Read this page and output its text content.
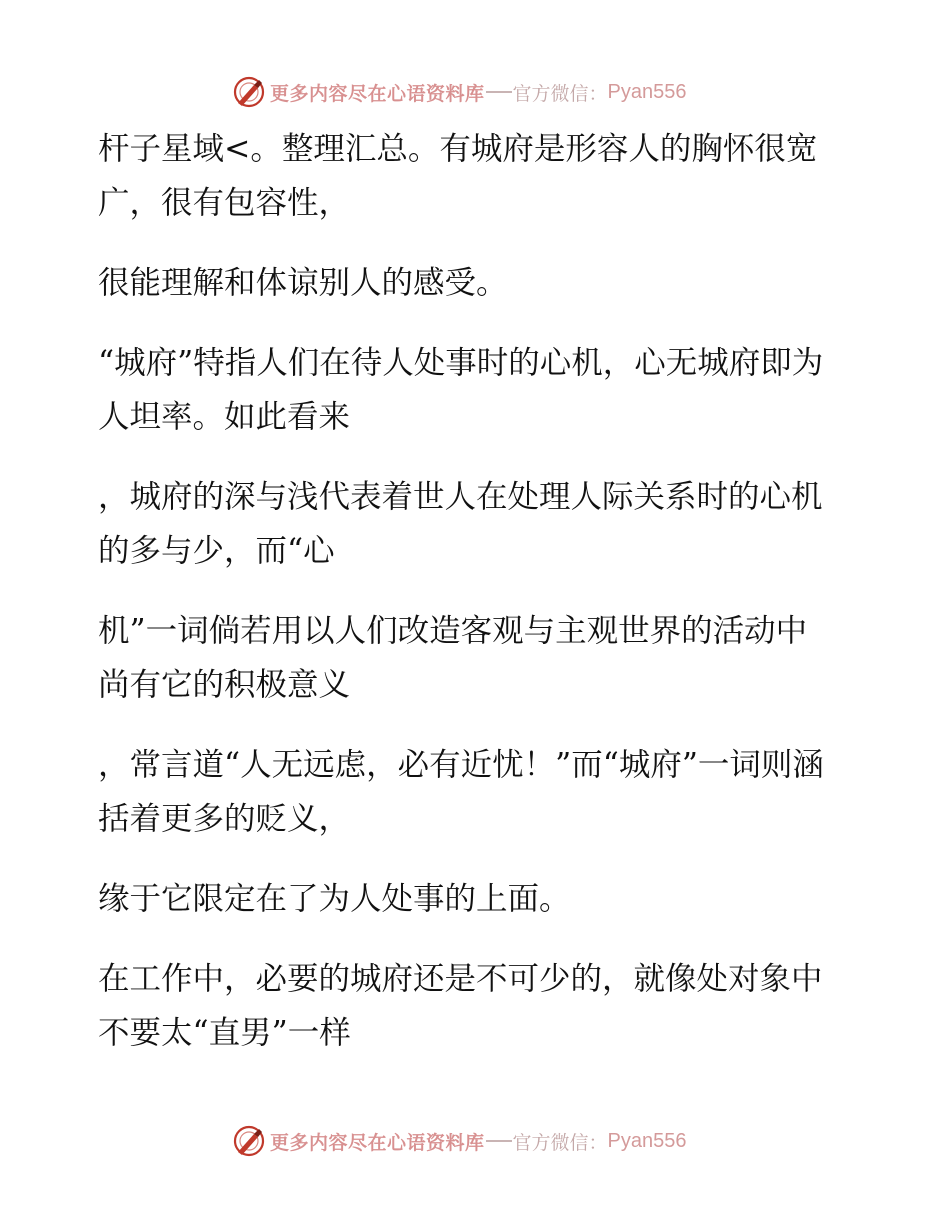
更多内容尽在心语资料库 官方微信： Pyan556

杆子星域<。整理汇总。有城府是形容人的胸怀很宽广，很有包容性，

很能理解和体谅别人的感受。

“城府”特指人们在待人处事时的心机，心无城府即为人坦率。如此看来

，城府的深与浅代表着世人在处理人际关系时的心机的多与少，而“心

机”一词倘若用以人们改造客观与主观世界的活动中尚有它的积极意义

，常言道“人无远虑，必有近忧！”而“城府”一词则涵括着更多的贬义，

缘于它限定在了为人处事的上面。

在工作中，必要的城府还是不可少的，就像处对象中不要太“直男”一样

更多内容尽在心语资料库 官方微信： Pyan556
